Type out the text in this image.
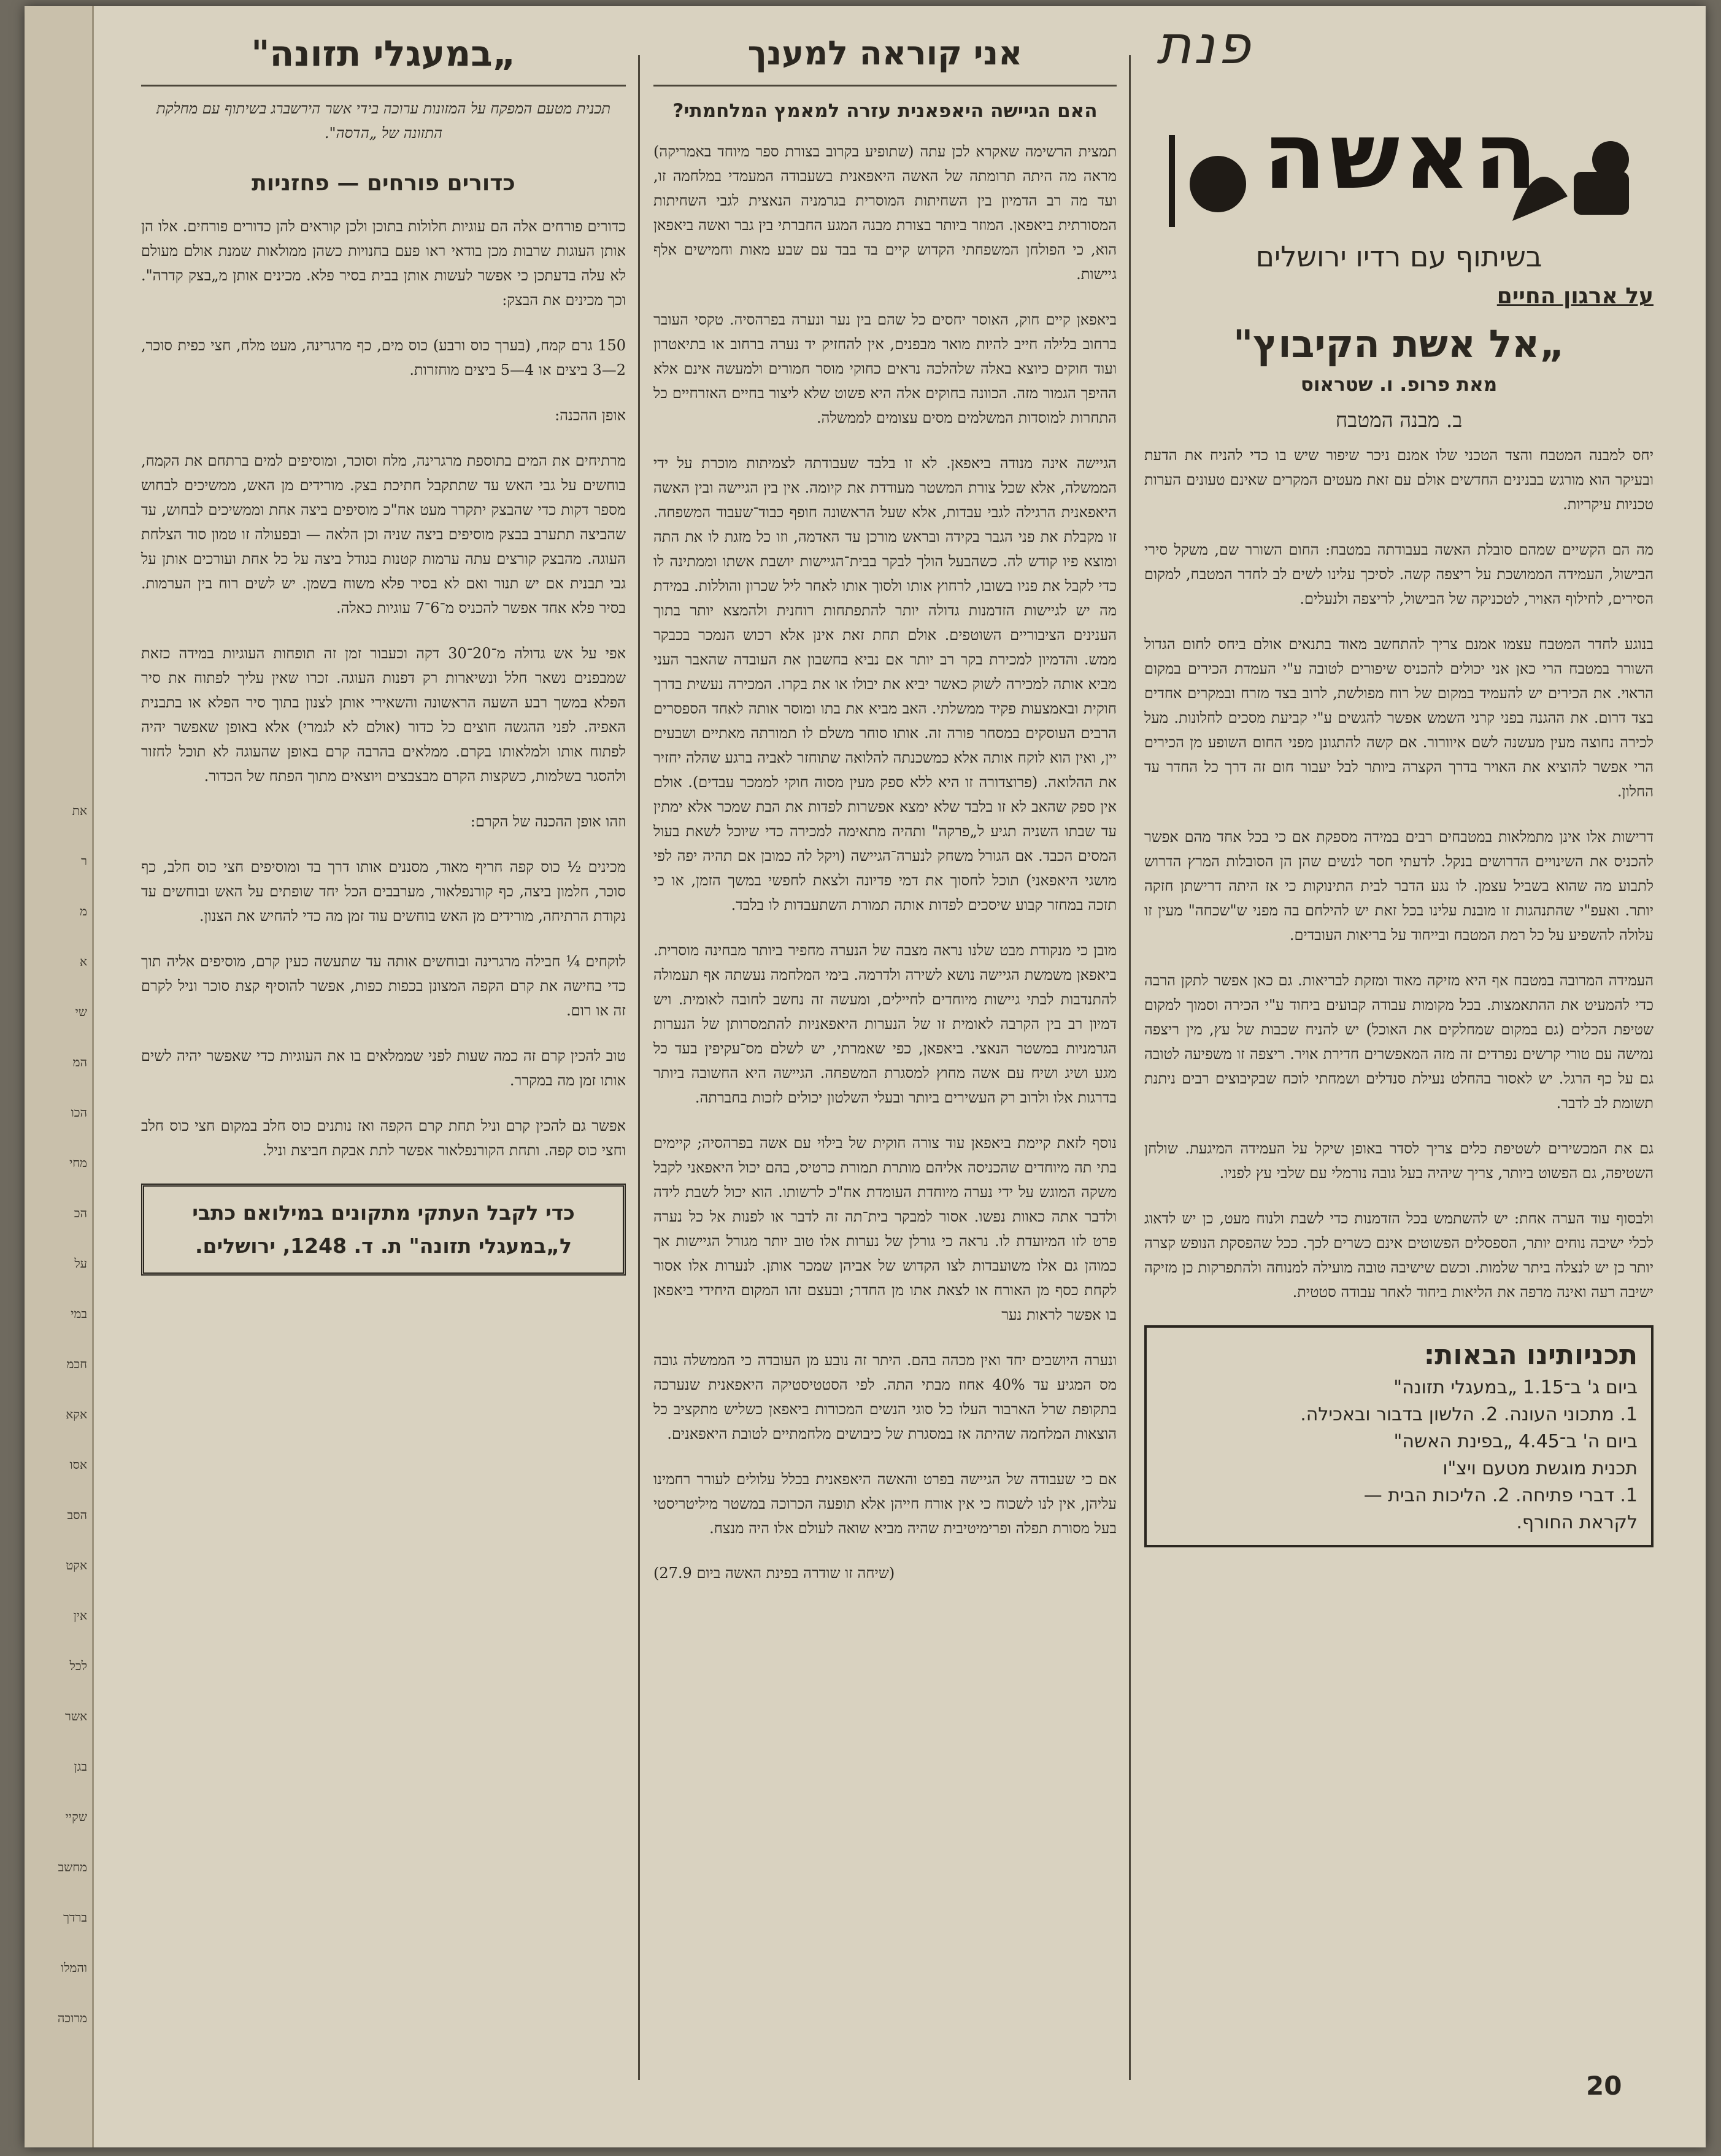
את
ר
מ
א
שי
המ
הכו
מחי
הכ
על
במי
חכמ
אקא
אסו
הסב
אקט
אין
לכל
אשר
בגן
שקיי
מחשב
ברדך
והמלו
מרוכה
„במעגלי תזונה"

תכנית מטעם המפקח על המזונות ערוכה בידי אשר הירשברג בשיתוף עם מחלקת התזונה של „הדסה".

כדורים פורחים — פחזניות

כדורים פורחים אלה הם עוגיות חלולות בתוכן ולכן קוראים להן כדורים פורחים. אלו הן אותן העוגות שרבות מכן בודאי ראו פעם בחנויות כשהן ממולאות שמנת אולם מעולם לא עלה בדעתכן כי אפשר לעשות אותן בבית בסיר פלא. מכינים אותן מ„בצק קדרה". וכך מכינים את הבצק:

150 גרם קמח, (בערך כוס ורבע) כוס מים, כף מרגרינה, מעט מלח, חצי כפית סוכר, 2—3 ביצים או 4—5 ביצים מוחזרות.

אופן ההכנה:

מרתיחים את המים בתוספת מרגרינה, מלח וסוכר, ומוסיפים למים ברתחם את הקמח, בוחשים על גבי האש עד שתתקבל חתיכת בצק. מורידים מן האש, ממשיכים לבחוש מספר דקות כדי שהבצק יתקרר מעט אח"כ מוסיפים ביצה אחת וממשיכים לבחוש, עד שהביצה תתערב בבצק מוסיפים ביצה שניה וכן הלאה — ובפעולה זו טמון סוד הצלחת העוגה. מהבצק קורצים עתה ערמות קטנות בגודל ביצה על כל אחת ועורכים אותן על גבי תבנית אם יש תנור ואם לא בסיר פלא משוח בשמן. יש לשים רוח בין הערמות. בסיר פלא אחד אפשר להכניס מ־6־7 עוגיות כאלה.

אפי על אש גדולה מ־20־30 דקה וכעבור זמן זה תופחות העוגיות במידה כזאת שמבפנים נשאר חלל ונשיארות רק דפנות העוגה. זכרו שאין עליך לפתוח את סיר הפלא במשך רבע השעה הראשונה והשאירי אותן לצנון בתוך סיר הפלא או בתבנית האפיה. לפני ההגשה חוצים כל כדור (אולם לא לגמרי) אלא באופן שאפשר יהיה לפתוח אותו ולמלאותו בקרם. ממלאים בהרבה קרם באופן שהעוגה לא תוכל לחזור ולהסגר בשלמות, כשקצות הקרם מבצבצים ויוצאים מתוך הפתח של הכדור.

וזהו אופן ההכנה של הקרם:

מכינים ½ כוס קפה חריף מאוד, מסננים אותו דרך בד ומוסיפים חצי כוס חלב, כף סוכר, חלמון ביצה, כף קורנפלאור, מערבבים הכל יחד שופתים על האש ובוחשים עד נקודת הרתיחה, מורידים מן האש בוחשים עוד זמן מה כדי להחיש את הצנון.

לוקחים ¼ חבילה מרגרינה ובוחשים אותה עד שתעשה כעין קרם, מוסיפים אליה תוך כדי בחישה את קרם הקפה המצונן בכפות כפות, אפשר להוסיף קצת סוכר וניל לקרם זה או רום.

טוב להכין קרם זה כמה שעות לפני שממלאים בו את העוגיות כדי שאפשר יהיה לשים אותו זמן מה במקרר.

אפשר גם להכין קרם וניל תחת קרם הקפה ואז נותנים כוס חלב במקום חצי כוס חלב וחצי כוס קפה. ותחת הקורנפלאור אפשר לתת אבקת חביצת וניל.

כדי לקבל העתקי מתקונים במילואם כתבי ל„במעגלי תזונה" ת. ד. 1248, ירושלים.
אני קוראה למענך
האם הגיישה היאפאנית עזרה למאמץ המלחמתי?

תמצית הרשימה שאקרא לכן עתה (שתופיע בקרוב בצורת ספר מיוחד באמריקה) מראה מה היתה תרומתה של האשה היאפאנית בשעבודה המעמדי במלחמה זו, ועד מה רב הדמיון בין השחיתות המוסרית בגרמניה הנאצית לגבי השחיתות המסורתית ביאפאן. המוזר ביותר בצורת מבנה המגע החברתי בין גבר ואשה ביאפאן הוא, כי הפולחן המשפחתי הקדוש קיים בד בבד עם שבע מאות וחמישים אלף גיישות.

ביאפאן קיים חוק, האוסר יחסים כל שהם בין נער ונערה בפרהסיה. טקסי העובר ברחוב בלילה חייב להיות מואר מבפנים, אין להחזיק יד נערה ברחוב או בתיאטרון ועוד חוקים כיוצא באלה שלהלכה נראים כחוקי מוסר חמורים ולמעשה אינם אלא ההיפך הגמור מזה. הכוונה בחוקים אלה היא פשוט שלא ליצור בחיים האזרחיים כל התחרות למוסדות המשלמים מסים עצומים לממשלה.

הגיישה אינה מנודה ביאפאן. לא זו בלבד שעבודתה לצמיתות מוכרת על ידי הממשלה, אלא שכל צורת המשטר מעודדת את קיומה. אין בין הגיישה ובין האשה היאפאנית הרגילה לגבי עבדות, אלא שעל הראשונה חופף כבוד־שעבוד המשפחה. זו מקבלת את פני הגבר בקידה ובראש מורכן עד האדמה, וזו כל מזגת לו את התה ומוצא פיו קודש לה. כשהבעל הולך לבקר בבית־הגיישות יושבת אשתו וממתינה לו כדי לקבל את פניו בשובו, לרחוץ אותו ולסוך אותו לאחר ליל שכרון והוללות. במידת מה יש לגיישות הזדמנות גדולה יותר להתפתחות רוחנית ולהמצא יותר בתוך הענינים הציבוריים השוטפים. אולם תחת זאת אינן אלא רכוש הנמכר בכבקר ממש. והדמיון למכירת בקר רב יותר אם נביא בחשבון את העובדה שהאבר העני מביא אותה למכירה לשוק כאשר יביא את יבולו או את בקרו. המכירה נעשית בדרך חוקית ובאמצעות פקיד ממשלתי. האב מביא את בתו ומוסר אותה לאחד הספסרים הרבים העוסקים במסחר פורה זה. אותו סוחר משלם לו תמורתה מאתיים ושבעים יין, ואין הוא לוקח אותה אלא כמשכנתה להלואה שתוחזר לאביה ברגע שהלה יחזיר את ההלואה. (פרוצדורה זו היא ללא ספק מעין מסוה חוקי לממכר עבדים). אולם אין ספק שהאב לא זו בלבד שלא ימצא אפשרות לפדות את הבת שמכר אלא ימתין עד שבתו השניה תגיע ל„פרקה" ותהיה מתאימה למכירה כדי שיוכל לשאת בעול המסים הכבד. אם הגורל משחק לנערה־הגיישה (ויקל לה כמובן אם תהיה יפה לפי מושגי היאפאני) תוכל לחסוך את דמי פדיונה ולצאת לחפשי במשך הזמן, או כי תזכה במחזר קבוע שיסכים לפדות אותה תמורת השתעבדות לו בלבד.

מובן כי מנקודת מבט שלנו נראה מצבה של הנערה מחפיר ביותר מבחינה מוסרית. ביאפאן משמשת הגיישה נושא לשירה ולדרמה. בימי המלחמה נעשתה אף תעמולה להתנדבות לבתי גיישות מיוחדים לחיילים, ומעשה זה נחשב לחובה לאומית. ויש דמיון רב בין הקרבה לאומית זו של הנערות היאפאניות להתמסרותן של הנערות הגרמניות במשטר הנאצי. ביאפאן, כפי שאמרתי, יש לשלם מס־עקיפין בעד כל מגע ושיג ושיח עם אשה מחוץ למסגרת המשפחה. הגיישה היא החשובה ביותר בדרגות אלו ולרוב רק העשירים ביותר ובעלי השלטון יכולים לזכות בחברתה.

נוסף לזאת קיימת ביאפאן עוד צורה חוקית של בילוי עם אשה בפרהסיה; קיימים בתי תה מיוחדים שהכניסה אליהם מותרת תמורת כרטיס, בהם יכול היאפאני לקבל משקה המוגש על ידי נערה מיוחדת העומדת אח"כ לרשותו. הוא יכול לשבת לידה ולדבר אתה כאוות נפשו. אסור למבקר בית־תה זה לדבר או לפנות אל כל נערה פרט לזו המיועדת לו. נראה כי גורלן של נערות אלו טוב יותר מגורל הגיישות אך כמוהן גם אלו משועבדות לצו הקדוש של אביהן שמכר אותן. לנערות אלו אסור לקחת כסף מן האורח או לצאת אתו מן החדר; ובעצם זהו המקום היחידי ביאפאן בו אפשר לראות נער

ונערה היושבים יחד ואין מכהה בהם. היתר זה נובע מן העובדה כי הממשלה גובה מס המגיע עד 40% אחוז מבתי התה. לפי הסטטיסטיקה היאפאנית שנערכה בתקופת שרל הארבור העלו כל סוגי הנשים המכורות ביאפאן כשליש מתקציב כל הוצאות המלחמה שהיתה אז במסגרת של כיבושים מלחמתיים לטובת היאפאנים.

אם כי שעבודה של הגיישה בפרט והאשה היאפאנית בכלל עלולים לעורר רחמינו עליהן, אין לנו לשכוח כי אין אורח חייהן אלא תופעה הכרוכה במשטר מיליטריסטי בעל מסורת תפלה ופרימיטיבית שהיה מביא שואה לעולם אלו היה מנצח.

(שיחה זו שודרה בפינת האשה ביום 27.9)
פנת
האשה
בשיתוף עם רדיו ירושלים
על ארגון החיים
„אל אשת הקיבוץ"
מאת פרופ. ו. שטראוס
ב. מבנה המטבח

יחס למבנה המטבח והצד הטכני שלו אמנם ניכר שיפור שיש בו כדי להניח את הדעת ובעיקר הוא מורגש בבנינים החדשים אולם עם זאת מעטים המקרים שאינם טעונים הערות טכניות עיקריות.

מה הם הקשיים שמהם סובלת האשה בעבודתה במטבח: החום השורר שם, משקל סירי הבישול, העמידה הממושכת על ריצפה קשה. לסיכך עלינו לשים לב לחדר המטבח, למקום הסירים, לחילוף האויר, לטכניקה של הבישול, לריצפה ולנעלים.

בנוגע לחדר המטבח עצמו אמנם צריך להתחשב מאוד בתנאים אולם ביחס לחום הגדול השורר במטבח הרי כאן אני יכולים להכניס שיפורים לטובה ע"י העמדת הכירים במקום הראוי. את הכירים יש להעמיד במקום של רוח מפולשת, לרוב בצד מזרח ובמקרים אחדים בצד דרום. את ההגנה בפני קרני השמש אפשר להגשים ע"י קביעת מסכים לחלונות. מעל לכירה נחוצה מעין מעשנה לשם איוורור. אם קשה להתגונן מפני החום השופע מן הכירים הרי אפשר להוציא את האויר בדרך הקצרה ביותר לבל יעבור חום זה דרך כל החדר עד החלון.

דרישות אלו אינן מתמלאות במטבחים רבים במידה מספקת אם כי בכל אחד מהם אפשר להכניס את השינויים הדרושים בנקל. לדעתי חסר לנשים שהן הן הסובלות המרץ הדרוש לתבוע מה שהוא בשביל עצמן. לו נגע הדבר לבית התינוקות כי אז היתה דרישתן חזקה יותר. ואעפ"י שהתנהגות זו מובנת עלינו בכל זאת יש להילחם בה מפני ש"שכחה" מעין זו עלולה להשפיע על כל רמת המטבח ובייחוד על בריאות העובדים.

העמידה המרובה במטבח אף היא מזיקה מאוד ומזקת לבריאות. גם כאן אפשר לתקן הרבה כדי להמעיט את ההתאמצות. בכל מקומות עבודה קבועים ביחוד ע"י הכירה וסמוך למקום שטיפת הכלים (גם במקום שמחלקים את האוכל) יש להניח שכבות של עץ, מין ריצפה נמישה עם טורי קרשים נפרדים זה מזה המאפשרים חדירת אויר. ריצפה זו משפיעה לטובה גם על כף הרגל. יש לאסור בהחלט נעילת סנדלים ושמחתי לוכח שבקיבוצים רבים ניתנת תשומת לב לדבר.

גם את המכשירים לשטיפת כלים צריך לסדר באופן שיקל על העמידה המיגעת. שולחן השטיפה, גם הפשוט ביותר, צריך שיהיה בעל גובה נורמלי עם שלבי עץ לפניו.

ולבסוף עוד הערה אחת: יש להשתמש בכל הזדמנות כדי לשבת ולנוח מעט, כן יש לדאוג לכלי ישיבה נוחים יותר, הספסלים הפשוטים אינם כשרים לכך. ככל שהפסקת הנופש קצרה יותר כן יש לנצלה ביתר שלמות. וכשם שישיבה טובה מועילה למנוחה ולהתפרקות כן מזיקה ישיבה רעה ואינה מרפה את הליאות ביחוד לאחר עבודה סטטית.

תכניותינו הבאות:
ביום ג' ב־1.15 „במעגלי תזונה"
1. מתכוני העונה. 2. הלשון בדבור ובאכילה.
ביום ה' ב־4.45 „בפינת האשה"
תכנית מוגשת מטעם ויצ"ו
1. דברי פתיחה. 2. הליכות הבית —
לקראת החורף.
20
